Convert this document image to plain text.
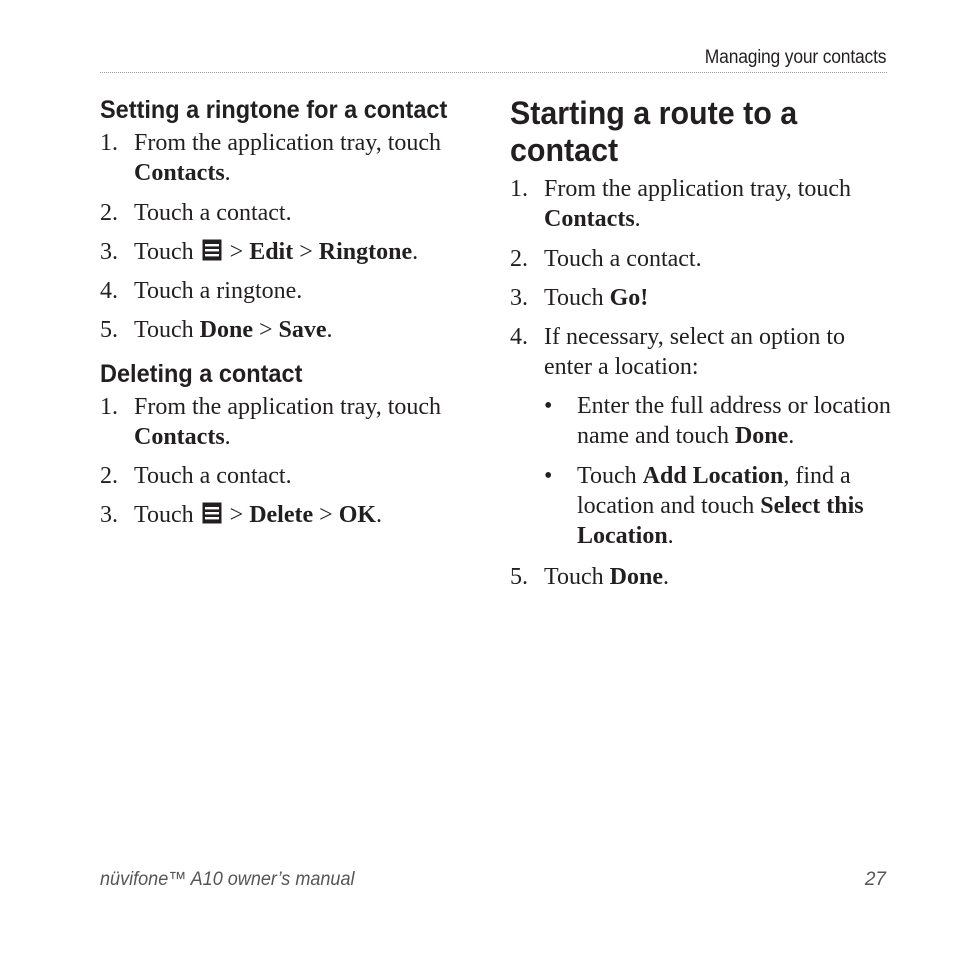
Managing your contacts
Setting a ringtone for a contact
1. From the application tray, touch
Contacts.
2. Touch a contact.
3. Touch
> Edit > Ringtone.
4. Touch a ringtone.
5. Touch Done > Save.
Deleting a contact
1. From the application tray, touch
Contacts.
2. Touch a contact.
3. Touch
> Delete > OK.
Starting a route to a
contact
1. From the application tray, touch
Contacts.
2. Touch a contact.
3. Touch Go!
4. If necessary, select an option to
enter a location:
• Enter the full address or location
name and touch Done.
• Touch Add Location, find a
location and touch Select this
Location.
5. Touch Done.
nüvifone™ A10 owner’s manual	27
